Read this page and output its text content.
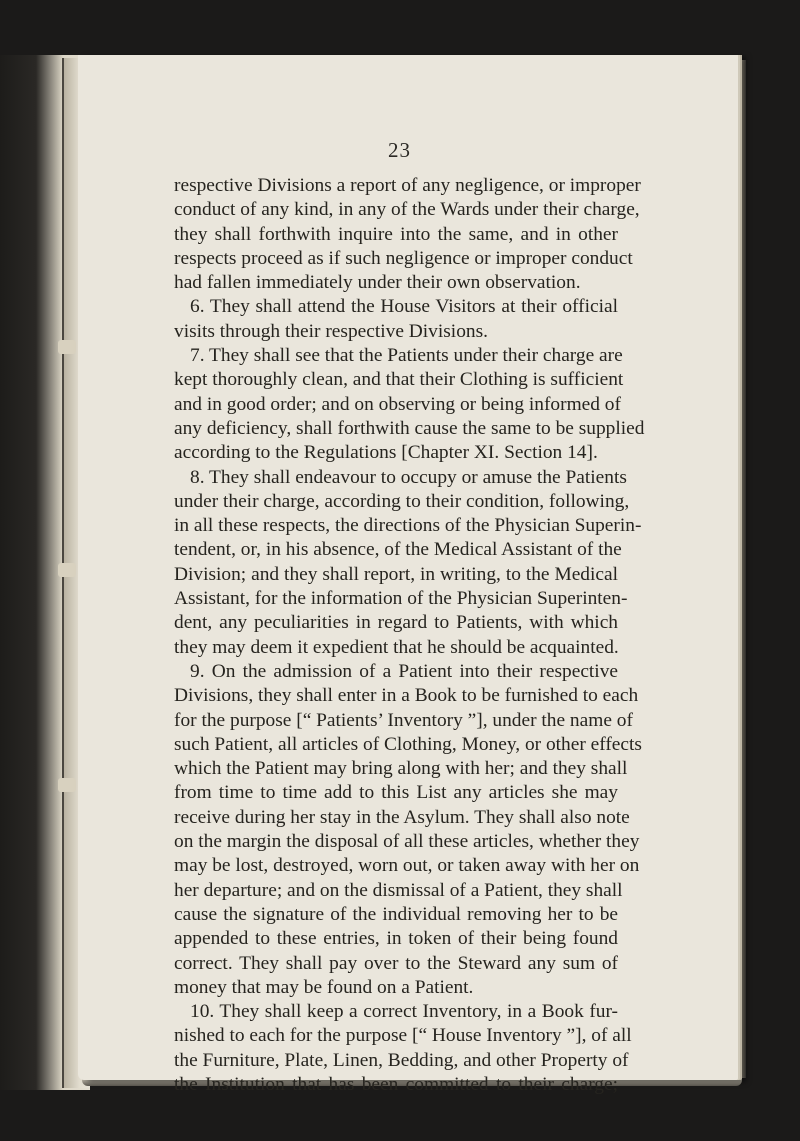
23
respective Divisions a report of any negligence, or improper
conduct of any kind, in any of the Wards under their charge,
they shall forthwith inquire into the same, and in other
respects proceed as if such negligence or improper conduct
had fallen immediately under their own observation.
6. They shall attend the House Visitors at their official
visits through their respective Divisions.
7. They shall see that the Patients under their charge are
kept thoroughly clean, and that their Clothing is sufficient
and in good order; and on observing or being informed of
any deficiency, shall forthwith cause the same to be supplied
according to the Regulations [Chapter XI. Section 14].
8. They shall endeavour to occupy or amuse the Patients
under their charge, according to their condition, following,
in all these respects, the directions of the Physician Superin-
tendent, or, in his absence, of the Medical Assistant of the
Division; and they shall report, in writing, to the Medical
Assistant, for the information of the Physician Superinten-
dent, any peculiarities in regard to Patients, with which
they may deem it expedient that he should be acquainted.
9. On the admission of a Patient into their respective
Divisions, they shall enter in a Book to be furnished to each
for the purpose [“ Patients’ Inventory ”], under the name of
such Patient, all articles of Clothing, Money, or other effects
which the Patient may bring along with her; and they shall
from time to time add to this List any articles she may
receive during her stay in the Asylum. They shall also note
on the margin the disposal of all these articles, whether they
may be lost, destroyed, worn out, or taken away with her on
her departure; and on the dismissal of a Patient, they shall
cause the signature of the individual removing her to be
appended to these entries, in token of their being found
correct. They shall pay over to the Steward any sum of
money that may be found on a Patient.
10. They shall keep a correct Inventory, in a Book fur-
nished to each for the purpose [“ House Inventory ”], of all
the Furniture, Plate, Linen, Bedding, and other Property of
the Institution that has been committed to their charge;
